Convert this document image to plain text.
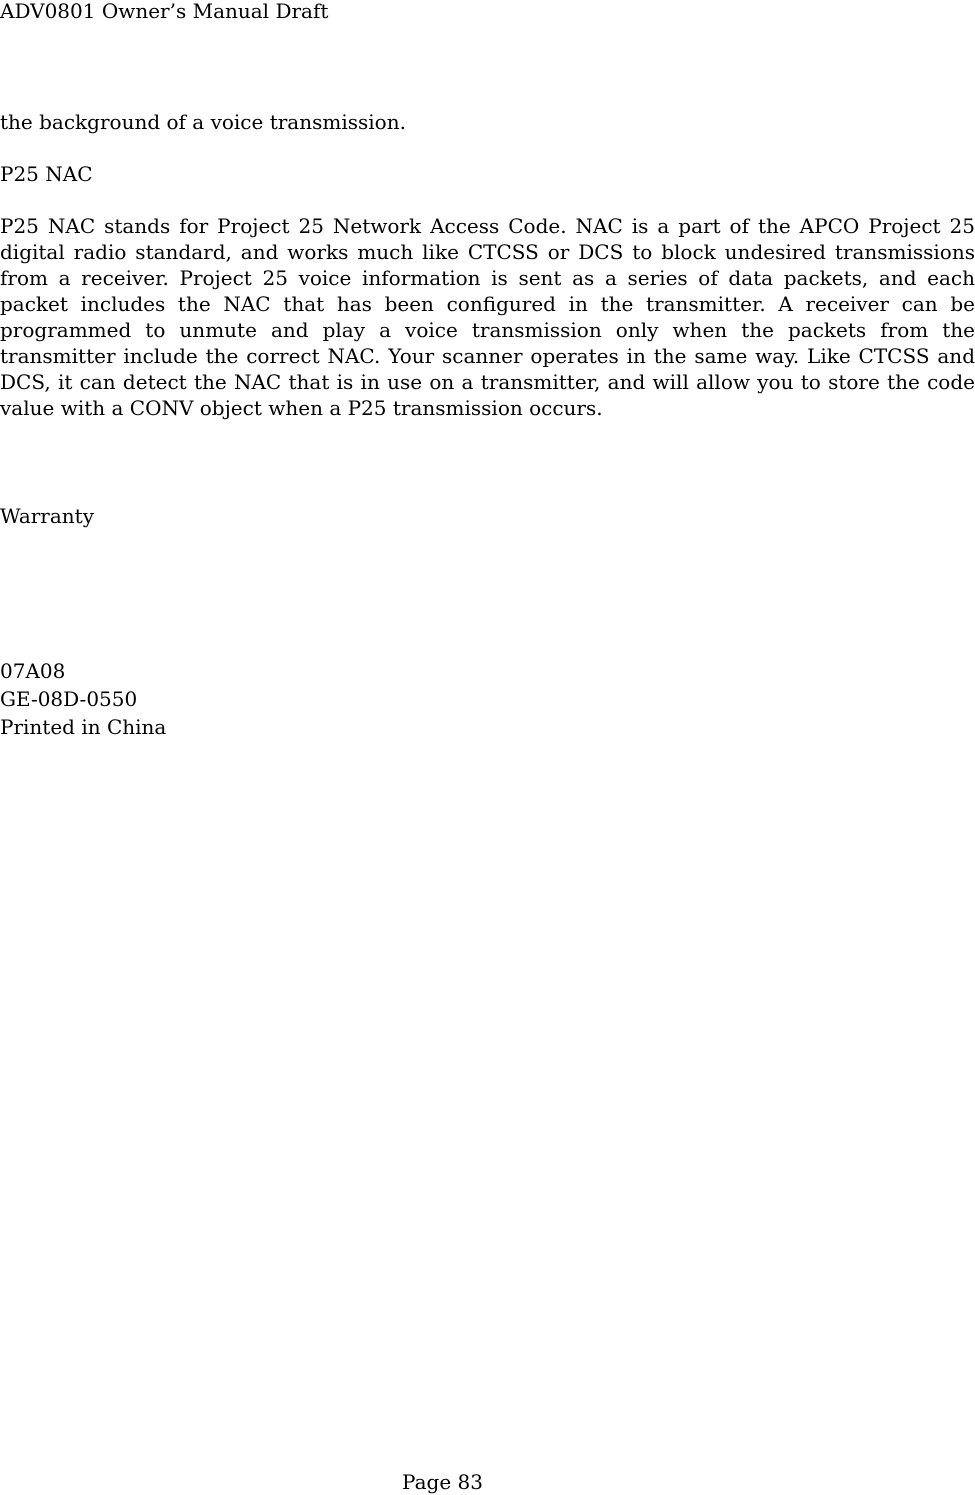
ADV0801 Owner’s Manual Draft
the background of a voice transmission.
P25 NAC

P25 NAC stands for Project 25 Network Access Code. NAC is a part of the APCO Project 25 digital radio standard, and works much like CTCSS or DCS to block undesired transmissions from a receiver. Project 25 voice information is sent as a series of data packets, and each packet includes the NAC that has been configured in the transmitter. A receiver can be programmed to unmute and play a voice transmission only when the packets from the transmitter include the correct NAC. Your scanner operates in the same way. Like CTCSS and DCS, it can detect the NAC that is in use on a transmitter, and will allow you to store the code value with a CONV object when a P25 transmission occurs.

Warranty
07A08
GE-08D-0550
Printed in China
Page 83
